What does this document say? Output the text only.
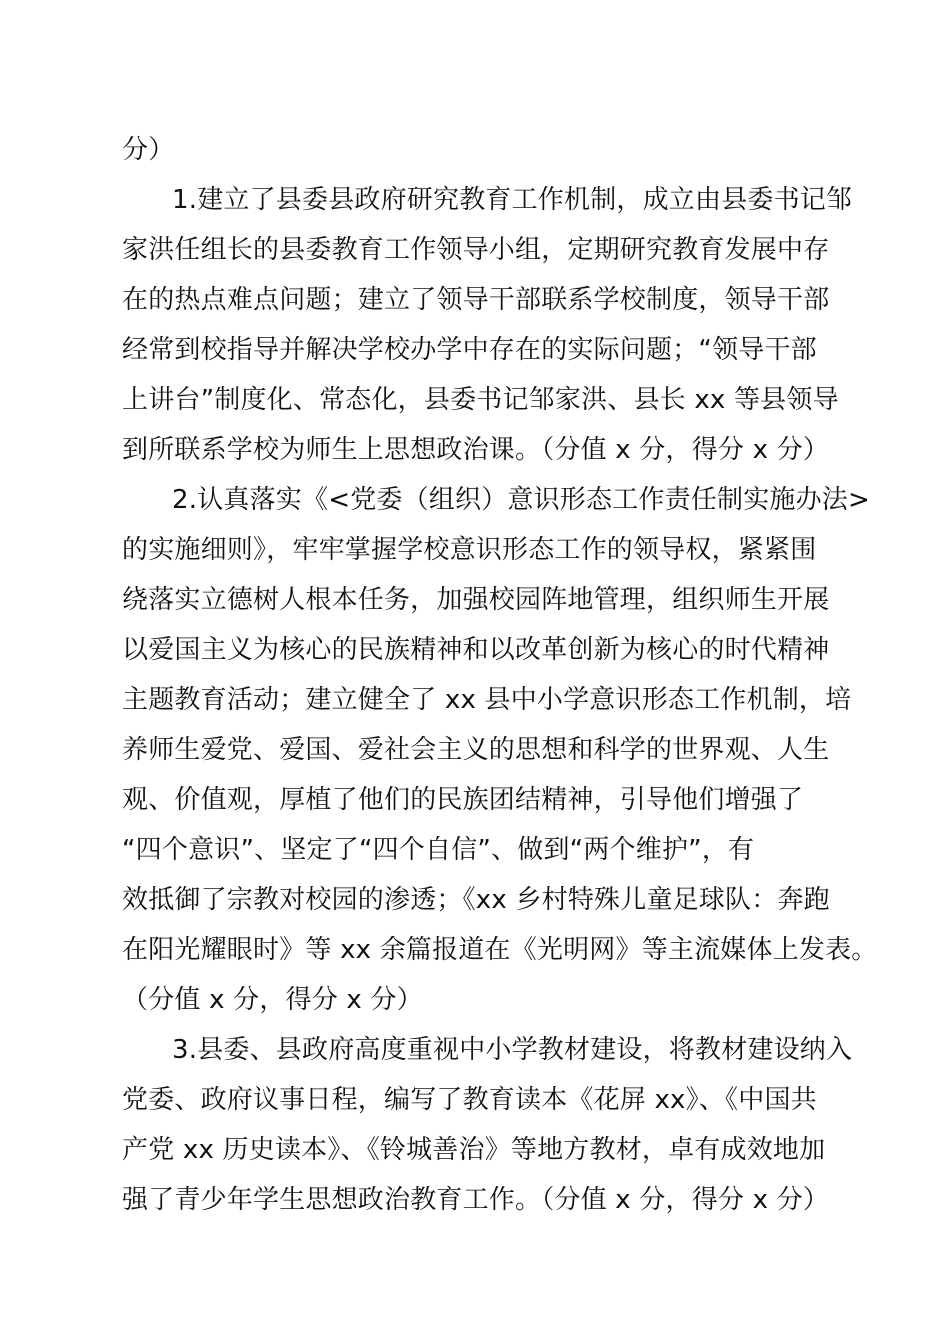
分）
1.建立了县委县政府研究教育工作机制，成立由县委书记邹
家洪任组长的县委教育工作领导小组，定期研究教育发展中存
在的热点难点问题；建立了领导干部联系学校制度，领导干部
经常到校指导并解决学校办学中存在的实际问题；“领导干部
上讲台”制度化、常态化，县委书记邹家洪、县长 xx 等县领导
到所联系学校为师生上思想政治课。（分值 x 分，得分 x 分）
2.认真落实《<党委（组织）意识形态工作责任制实施办法>
的实施细则》，牢牢掌握学校意识形态工作的领导权，紧紧围
绕落实立德树人根本任务，加强校园阵地管理，组织师生开展
以爱国主义为核心的民族精神和以改革创新为核心的时代精神
主题教育活动；建立健全了 xx 县中小学意识形态工作机制，培
养师生爱党、爱国、爱社会主义的思想和科学的世界观、人生
观、价值观，厚植了他们的民族团结精神，引导他们增强了
“四个意识”、坚定了“四个自信”、做到“两个维护”，有
效抵御了宗教对校园的渗透；《xx 乡村特殊儿童足球队：奔跑
在阳光耀眼时》等 xx 余篇报道在《光明网》等主流媒体上发表。
（分值 x 分，得分 x 分）
3.县委、县政府高度重视中小学教材建设，将教材建设纳入
党委、政府议事日程，编写了教育读本《花屏 xx》、《中国共
产党 xx 历史读本》、《铃城善治》等地方教材，卓有成效地加
强了青少年学生思想政治教育工作。（分值 x 分，得分 x 分）
